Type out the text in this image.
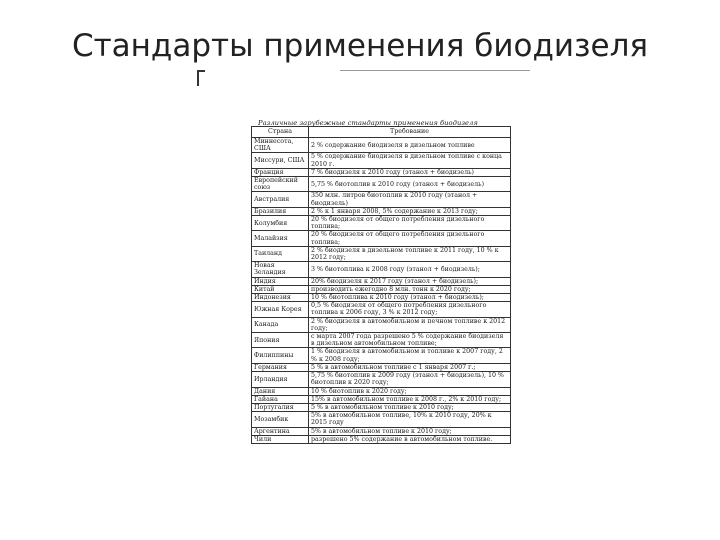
Стандарты применения биодизеля
Различные зарубежные стандарты применения биодизеля
Страна	Требование
Миннесота, США	2 % содержание биодизеля в дизельном топливе
Миссури, США	5 % содержание биодизеля в дизельном топливе с конца 2010 г.
Франция	7 % биодизеля к 2010 году (этанол + биодизель)
Европейский союз	5,75 % биотоплив к 2010 году (этанол + биодизель)
Австралия	350 млн. литров биотоплив к 2010 году (этанол + биодизель)
Бразилия	2 % к 1 января 2008, 5% содержание к 2013 году;
Колумбия	20 % биодизеля от общего потребления дизельного топлива;
Малайзия	20 % биодизеля от общего потребления дизельного топлива;
Таиланд	2 % биодизеля в дизельном топливе к 2011 году, 10 % к 2012 году;
Новая Зеландия	3 % биотоплива к 2008 году (этанол + биодизель);
Индия	20% биодизеля к 2017 году (этанол + биодизель);
Китай	производить ежегодно 8 млн. тонн к 2020 году;
Индонезия	10 % биотоплива к 2010 году (этанол + биодизель);
Южная Корея	0,5 % биодизеля от общего потребления дизельного топлива к 2006 году, 3 % к 2012 году;
Канада	2 % биодизеля в автомобильном и печном топливе к 2012 году;
Япония	с марта 2007 года разрешено 5 % содержание биодизеля в дизельном автомобильном топливе;
Филиппины	1 % биодизеля в автомобильном и топливе к 2007 году, 2 % к 2008 году;
Германия	5 % в автомобильном топливе с 1 января 2007 г.;
Ирландия	5,75 % биотоплив к 2009 году (этанол + биодизель), 10 % биотоплив к 2020 году;
Дания	10 % биотоплив к 2020 году;
Гайана	15% в автомобильном топливе к 2008 г., 2% к 2010 году;
Португалия	5 % в автомобильном топливе к 2010 году;
Мозамбик	5% в автомобильном топливе, 10% к 2010 году, 20% к 2015 году
Аргентина	5% в автомобильном топливе к 2010 году;
Чили	разрешено 5% содержание в автомобильном топливе.
